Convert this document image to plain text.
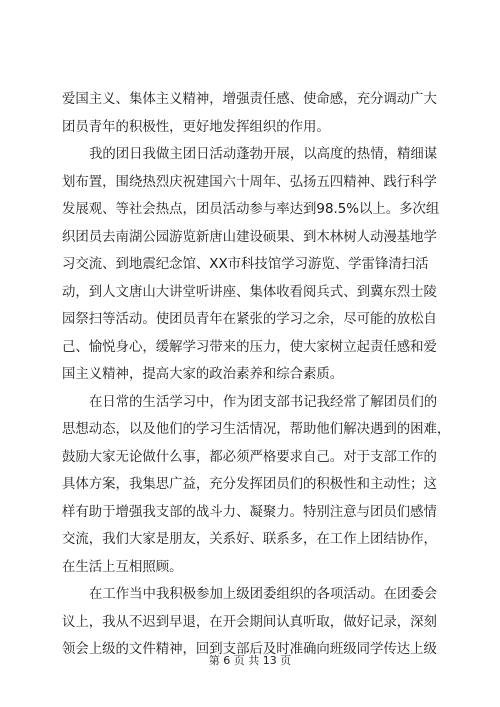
爱国主义、集体主义精神，增强责任感、使命感，充分调动广大
团员青年的积极性，更好地发挥组织的作用。
我的团日我做主团日活动蓬勃开展，以高度的热情，精细谋
划布置，围绕热烈庆祝建国六十周年、弘扬五四精神、践行科学
发展观、等社会热点，团员活动参与率达到98.5%以上。多次组
织团员去南湖公园游览新唐山建设硕果、到木林树人动漫基地学
习交流、到地震纪念馆、XX市科技馆学习游览、学雷锋清扫活
动，到人文唐山大讲堂听讲座、集体收看阅兵式、到冀东烈士陵
园祭扫等活动。使团员青年在紧张的学习之余，尽可能的放松自
己、愉悦身心，缓解学习带来的压力，使大家树立起责任感和爱
国主义精神，提高大家的政治素养和综合素质。
在日常的生活学习中，作为团支部书记我经常了解团员们的
思想动态，以及他们的学习生活情况，帮助他们解决遇到的困难，
鼓励大家无论做什么事，都必须严格要求自己。对于支部工作的
具体方案，我集思广益，充分发挥团员们的积极性和主动性；这
样有助于增强我支部的战斗力、凝聚力。特别注意与团员们感情
交流，我们大家是朋友，关系好、联系多，在工作上团结协作，
在生活上互相照顾。
在工作当中我积极参加上级团委组织的各项活动。在团委会
议上，我从不迟到早退，在开会期间认真听取，做好记录，深刻
领会上级的文件精神，回到支部后及时准确向班级同学传达上级
第 6 页 共 13 页
